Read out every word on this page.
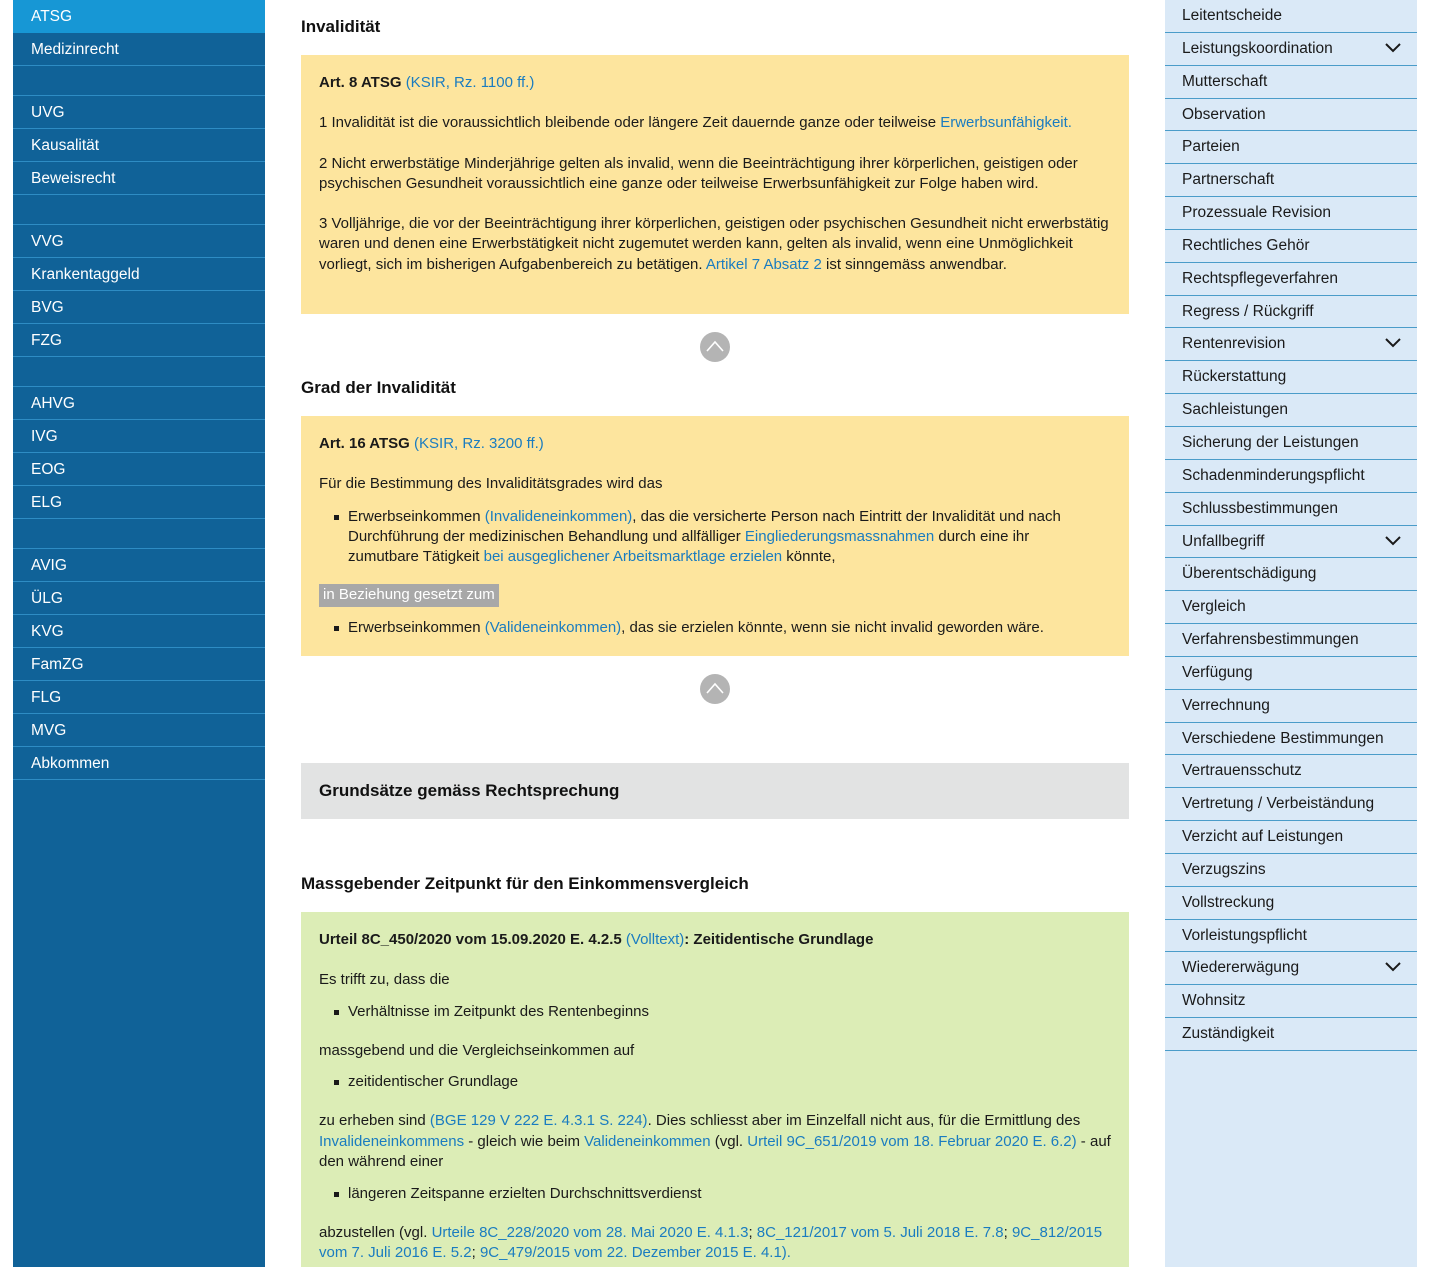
ATSG
Medizinrecht
UVG
Kausalität
Beweisrecht
VVG
Krankentaggeld
BVG
FZG
AHVG
IVG
EOG
ELG
AVIG
ÜLG
KVG
FamZG
FLG
MVG
Abkommen
Invalidität
Art. 8 ATSG (KSIR, Rz. 1100 ff.)

1 Invalidität ist die voraussichtlich bleibende oder längere Zeit dauernde ganze oder teilweise Erwerbsunfähigkeit.

2 Nicht erwerbstätige Minderjährige gelten als invalid, wenn die Beeinträchtigung ihrer körperlichen, geistigen oder psychischen Gesundheit voraussichtlich eine ganze oder teilweise Erwerbsunfähigkeit zur Folge haben wird.

3 Volljährige, die vor der Beeinträchtigung ihrer körperlichen, geistigen oder psychischen Gesundheit nicht erwerbstätig waren und denen eine Erwerbstätigkeit nicht zugemutet werden kann, gelten als invalid, wenn eine Unmöglichkeit vorliegt, sich im bisherigen Aufgabenbereich zu betätigen. Artikel 7 Absatz 2 ist sinngemäss anwendbar.

Grad der Invalidität
Art. 16 ATSG (KSIR, Rz. 3200 ff.)

Für die Bestimmung des Invaliditätsgrades wird das

Erwerbseinkommen (Invalideneinkommen), das die versicherte Person nach Eintritt der Invalidität und nach Durchführung der medizinischen Behandlung und allfälliger Eingliederungsmassnahmen durch eine ihr zumutbare Tätigkeit bei ausgeglichener Arbeitsmarktlage erzielen könnte,
in Beziehung gesetzt zum
Erwerbseinkommen (Valideneinkommen), das sie erzielen könnte, wenn sie nicht invalid geworden wäre.
Grundsätze gemäss Rechtsprechung
Massgebender Zeitpunkt für den Einkommensvergleich
Urteil 8C_450/2020 vom 15.09.2020 E. 4.2.5 (Volltext): Zeitidentische Grundlage

Es trifft zu, dass die

Verhältnisse im Zeitpunkt des Rentenbeginns

massgebend und die Vergleichseinkommen auf

zeitidentischer Grundlage

zu erheben sind (BGE 129 V 222 E. 4.3.1 S. 224). Dies schliesst aber im Einzelfall nicht aus, für die Ermittlung des Invalideneinkommens - gleich wie beim Valideneinkommen (vgl. Urteil 9C_651/2019 vom 18. Februar 2020 E. 6.2) - auf den während einer

längeren Zeitspanne erzielten Durchschnittsverdienst

abzustellen (vgl. Urteile 8C_228/2020 vom 28. Mai 2020 E. 4.1.3; 8C_121/2017 vom 5. Juli 2018 E. 7.8; 9C_812/2015 vom 7. Juli 2016 E. 5.2; 9C_479/2015 vom 22. Dezember 2015 E. 4.1).

Leitentscheide
Leistungskoordination
Mutterschaft
Observation
Parteien
Partnerschaft
Prozessuale Revision
Rechtliches Gehör
Rechtspflegeverfahren
Regress / Rückgriff
Rentenrevision
Rückerstattung
Sachleistungen
Sicherung der Leistungen
Schadenminderungspflicht
Schlussbestimmungen
Unfallbegriff
Überentschädigung
Vergleich
Verfahrensbestimmungen
Verfügung
Verrechnung
Verschiedene Bestimmungen
Vertrauensschutz
Vertretung / Verbeiständung
Verzicht auf Leistungen
Verzugszins
Vollstreckung
Vorleistungspflicht
Wiedererwägung
Wohnsitz
Zuständigkeit
